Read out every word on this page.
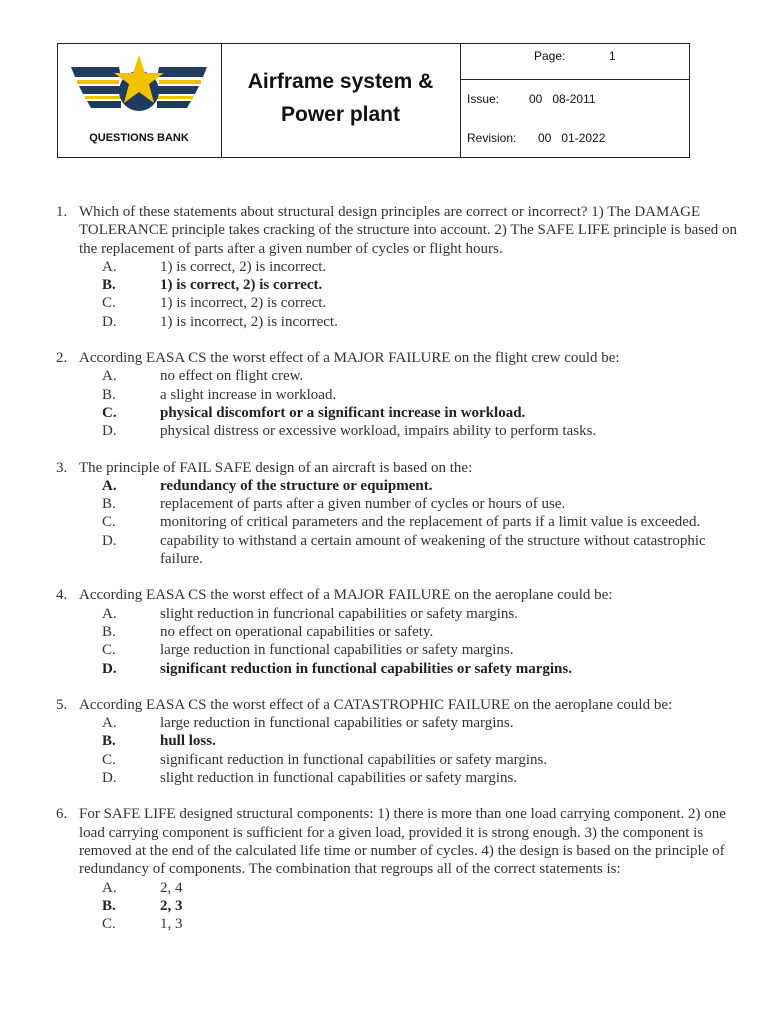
QUESTIONS BANK
Airframe system &
Power plant
Page:	1
Issue: 00   08-2011
Revision: 00   01-2022
1. Which of these statements about structural design principles are correct or incorrect? 1) The DAMAGE TOLERANCE principle takes cracking of the structure into account. 2) The SAFE LIFE principle is based on the replacement of parts after a given number of cycles or flight hours.
A.	1) is correct, 2) is incorrect.
B.	1) is correct, 2) is correct.
C.	1) is incorrect, 2) is correct.
D.	1) is incorrect, 2) is incorrect.
2. According EASA CS the worst effect of a MAJOR FAILURE on the flight crew could be:
A.	no effect on flight crew.
B.	a slight increase in workload.
C.	physical discomfort or a significant increase in workload.
D.	physical distress or excessive workload, impairs ability to perform tasks.
3. The principle of FAIL SAFE design of an aircraft is based on the:
A.	redundancy of the structure or equipment.
B.	replacement of parts after a given number of cycles or hours of use.
C.	monitoring of critical parameters and the replacement of parts if a limit value is exceeded.
D.	capability to withstand a certain amount of weakening of the structure without catastrophic failure.
4. According EASA CS the worst effect of a MAJOR FAILURE on the aeroplane could be:
A.	slight reduction in funcrional capabilities or safety margins.
B.	no effect on operational capabilities or safety.
C.	large reduction in functional capabilities or safety margins.
D.	significant reduction in functional capabilities or safety margins.
5. According EASA CS the worst effect of a CATASTROPHIC FAILURE on the aeroplane could be:
A.	large reduction in functional capabilities or safety margins.
B.	hull loss.
C.	significant reduction in functional capabilities or safety margins.
D.	slight reduction in functional capabilities or safety margins.
6. For SAFE LIFE designed structural components: 1) there is more than one load carrying component. 2) one load carrying component is sufficient for a given load, provided it is strong enough. 3) the component is removed at the end of the calculated life time or number of cycles. 4) the design is based on the principle of redundancy of components. The combination that regroups all of the correct statements is:
A.	2, 4
B.	2, 3
C.	1, 3
